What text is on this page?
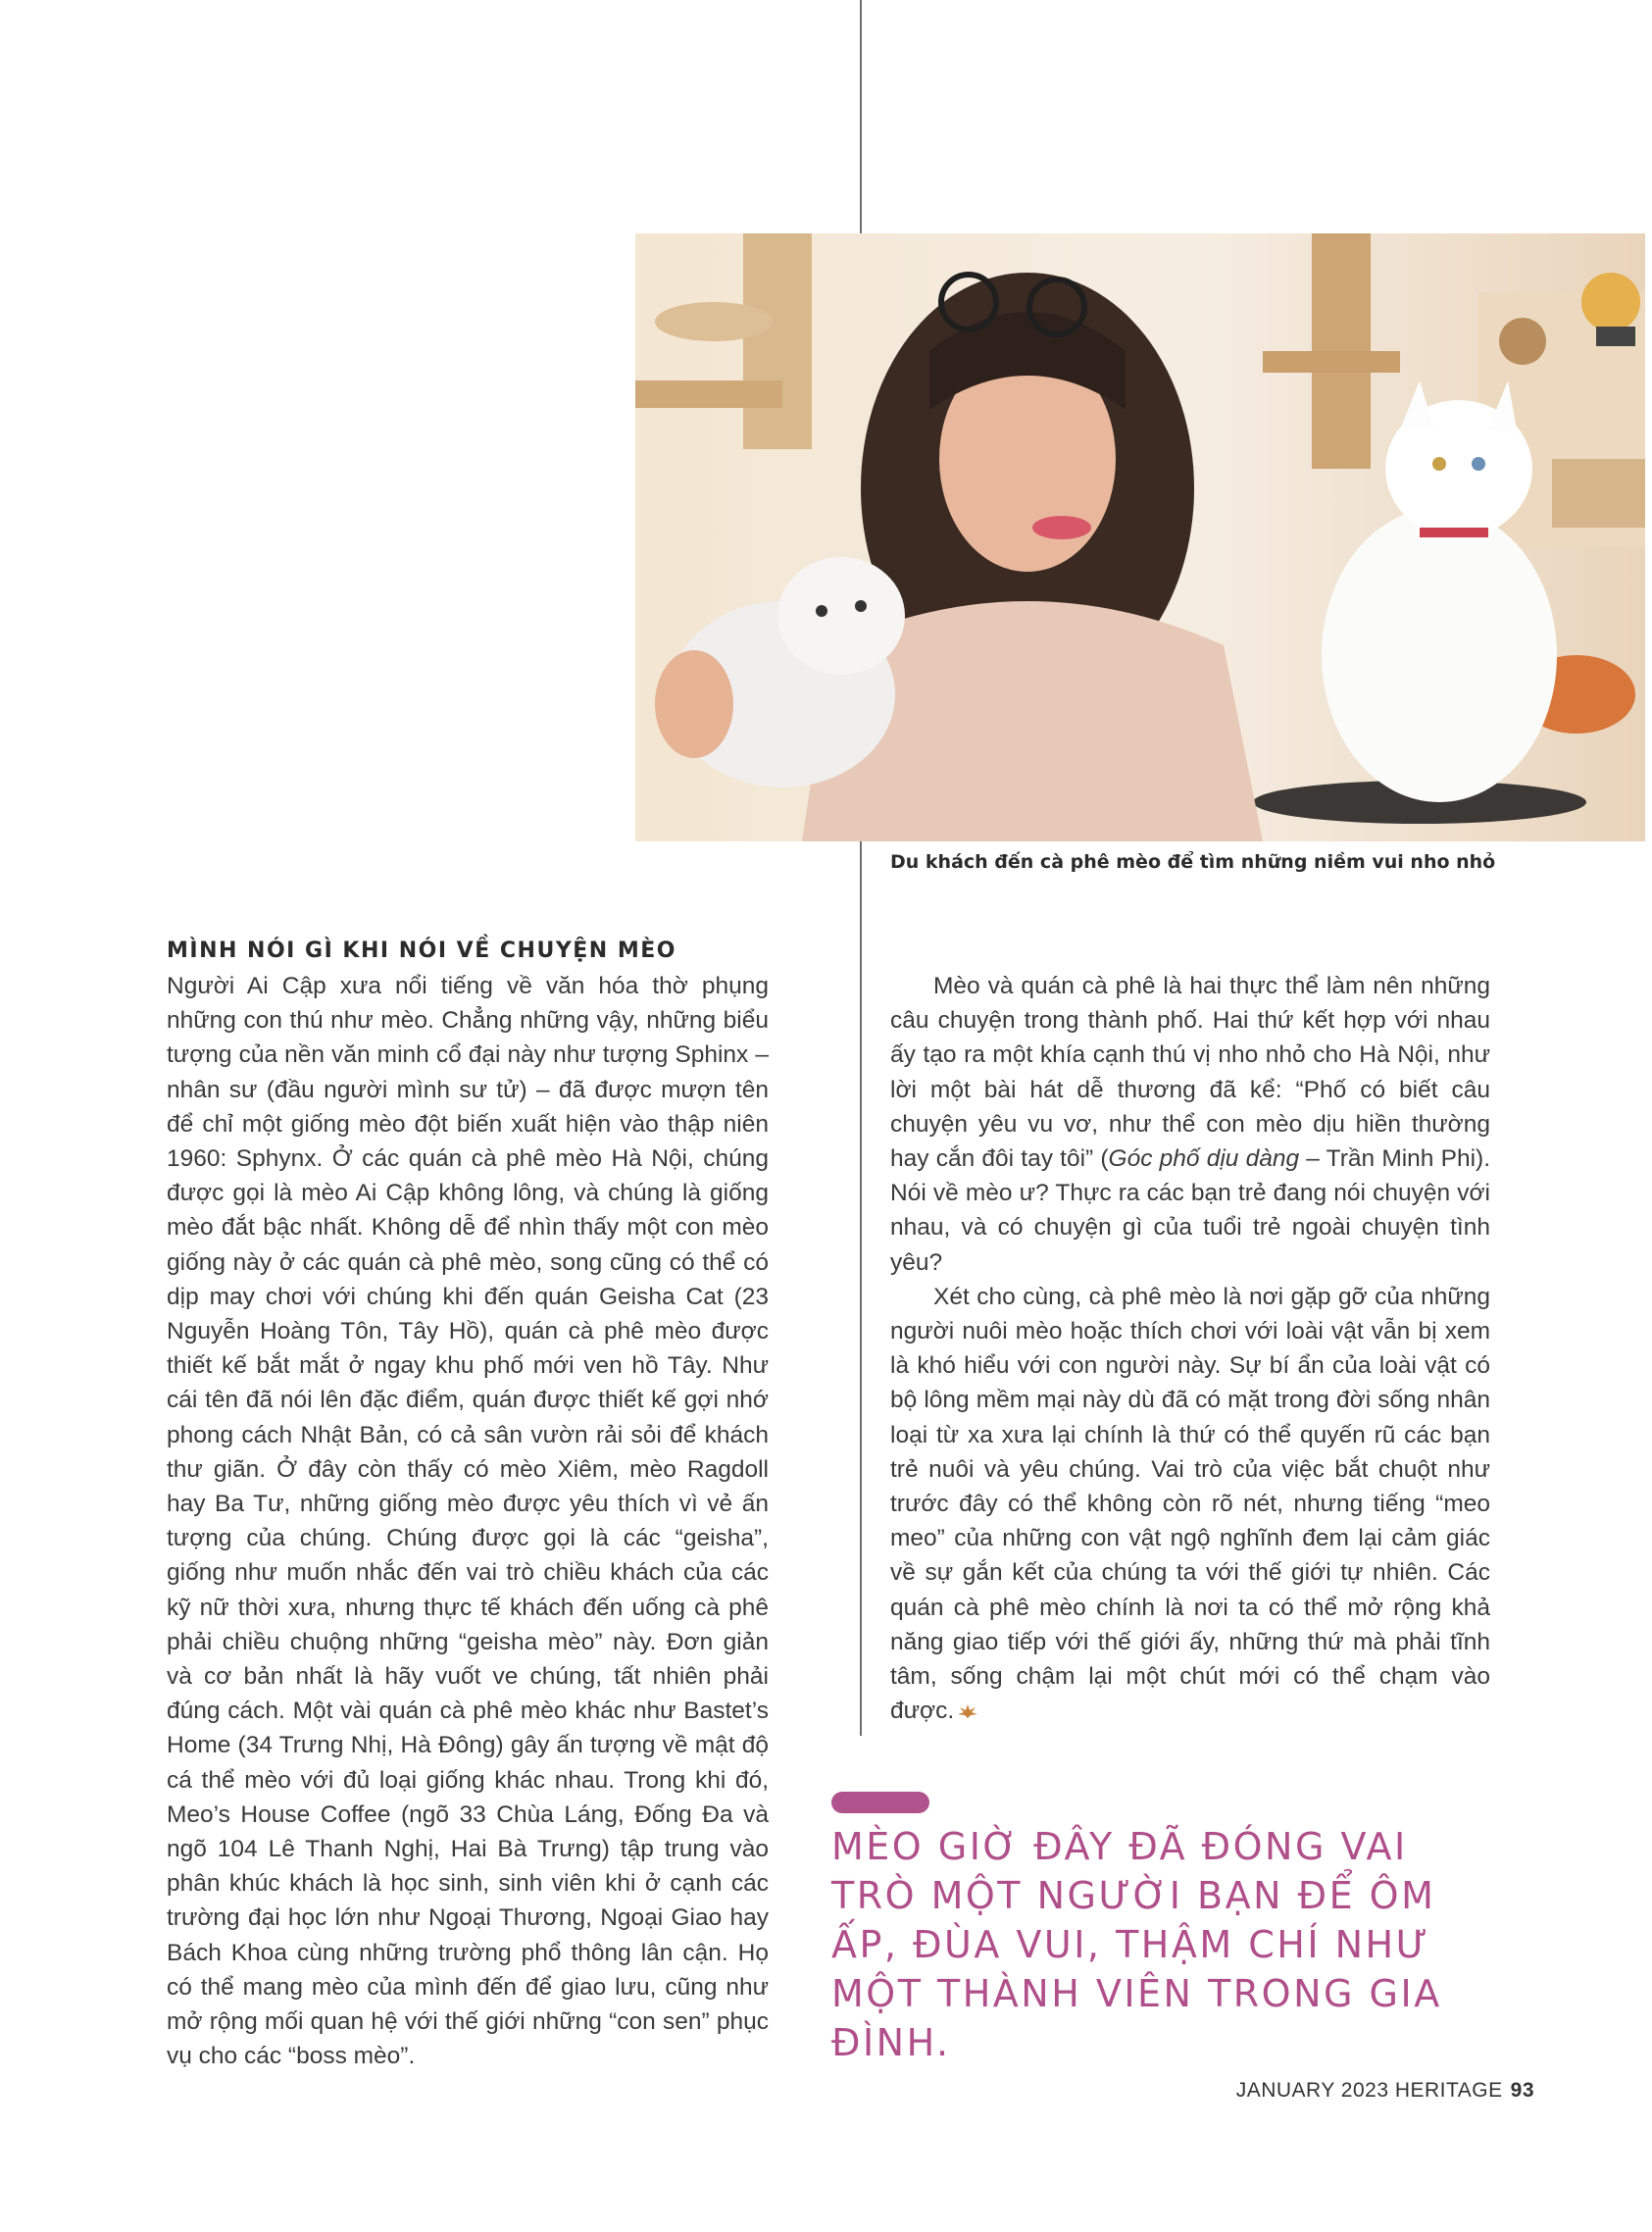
Du khách đến cà phê mèo để tìm những niềm vui nho nhỏ
MÌNH NÓI GÌ KHI NÓI VỀ CHUYỆN MÈO

Người Ai Cập xưa nổi tiếng về văn hóa thờ phụng những con thú như mèo. Chẳng những vậy, những biểu tượng của nền văn minh cổ đại này như tượng Sphinx – nhân sư (đầu người mình sư tử) – đã được mượn tên để chỉ một giống mèo đột biến xuất hiện vào thập niên 1960: Sphynx. Ở các quán cà phê mèo Hà Nội, chúng được gọi là mèo Ai Cập không lông, và chúng là giống mèo đắt bậc nhất. Không dễ để nhìn thấy một con mèo giống này ở các quán cà phê mèo, song cũng có thể có dịp may chơi với chúng khi đến quán Geisha Cat (23 Nguyễn Hoàng Tôn, Tây Hồ), quán cà phê mèo được thiết kế bắt mắt ở ngay khu phố mới ven hồ Tây. Như cái tên đã nói lên đặc điểm, quán được thiết kế gợi nhớ phong cách Nhật Bản, có cả sân vườn rải sỏi để khách thư giãn. Ở đây còn thấy có mèo Xiêm, mèo Ragdoll hay Ba Tư, những giống mèo được yêu thích vì vẻ ấn tượng của chúng. Chúng được gọi là các “geisha”, giống như muốn nhắc đến vai trò chiều khách của các kỹ nữ thời xưa, nhưng thực tế khách đến uống cà phê phải chiều chuộng những “geisha mèo” này. Đơn giản và cơ bản nhất là hãy vuốt ve chúng, tất nhiên phải đúng cách. Một vài quán cà phê mèo khác như Bastet’s Home (34 Trưng Nhị, Hà Đông) gây ấn tượng về mật độ cá thể mèo với đủ loại giống khác nhau. Trong khi đó, Meo’s House Coffee (ngõ 33 Chùa Láng, Đống Đa và ngõ 104 Lê Thanh Nghị, Hai Bà Trưng) tập trung vào phân khúc khách là học sinh, sinh viên khi ở cạnh các trường đại học lớn như Ngoại Thương, Ngoại Giao hay Bách Khoa cùng những trường phổ thông lân cận. Họ có thể mang mèo của mình đến để giao lưu, cũng như mở rộng mối quan hệ với thế giới những “con sen” phục vụ cho các “boss mèo”.

Mèo và quán cà phê là hai thực thể làm nên những câu chuyện trong thành phố. Hai thứ kết hợp với nhau ấy tạo ra một khía cạnh thú vị nho nhỏ cho Hà Nội, như lời một bài hát dễ thương đã kể: “Phố có biết câu chuyện yêu vu vơ, như thể con mèo dịu hiền thường hay cắn đôi tay tôi” (Góc phố dịu dàng – Trần Minh Phi). Nói về mèo ư? Thực ra các bạn trẻ đang nói chuyện với nhau, và có chuyện gì của tuổi trẻ ngoài chuyện tình yêu?

Xét cho cùng, cà phê mèo là nơi gặp gỡ của những người nuôi mèo hoặc thích chơi với loài vật vẫn bị xem là khó hiểu với con người này. Sự bí ẩn của loài vật có bộ lông mềm mại này dù đã có mặt trong đời sống nhân loại từ xa xưa lại chính là thứ có thể quyến rũ các bạn trẻ nuôi và yêu chúng. Vai trò của việc bắt chuột như trước đây có thể không còn rõ nét, nhưng tiếng “meo meo” của những con vật ngộ nghĩnh đem lại cảm giác về sự gắn kết của chúng ta với thế giới tự nhiên. Các quán cà phê mèo chính là nơi ta có thể mở rộng khả năng giao tiếp với thế giới ấy, những thứ mà phải tĩnh tâm, sống chậm lại một chút mới có thể chạm vào được.

MÈO GIỜ ĐÂY ĐÃ ĐÓNG VAI TRÒ MỘT NGƯỜI BẠN ĐỂ ÔM ẤP, ĐÙA VUI, THẬM CHÍ NHƯ MỘT THÀNH VIÊN TRONG GIA ĐÌNH.
JANUARY 2023 HERITAGE 93
